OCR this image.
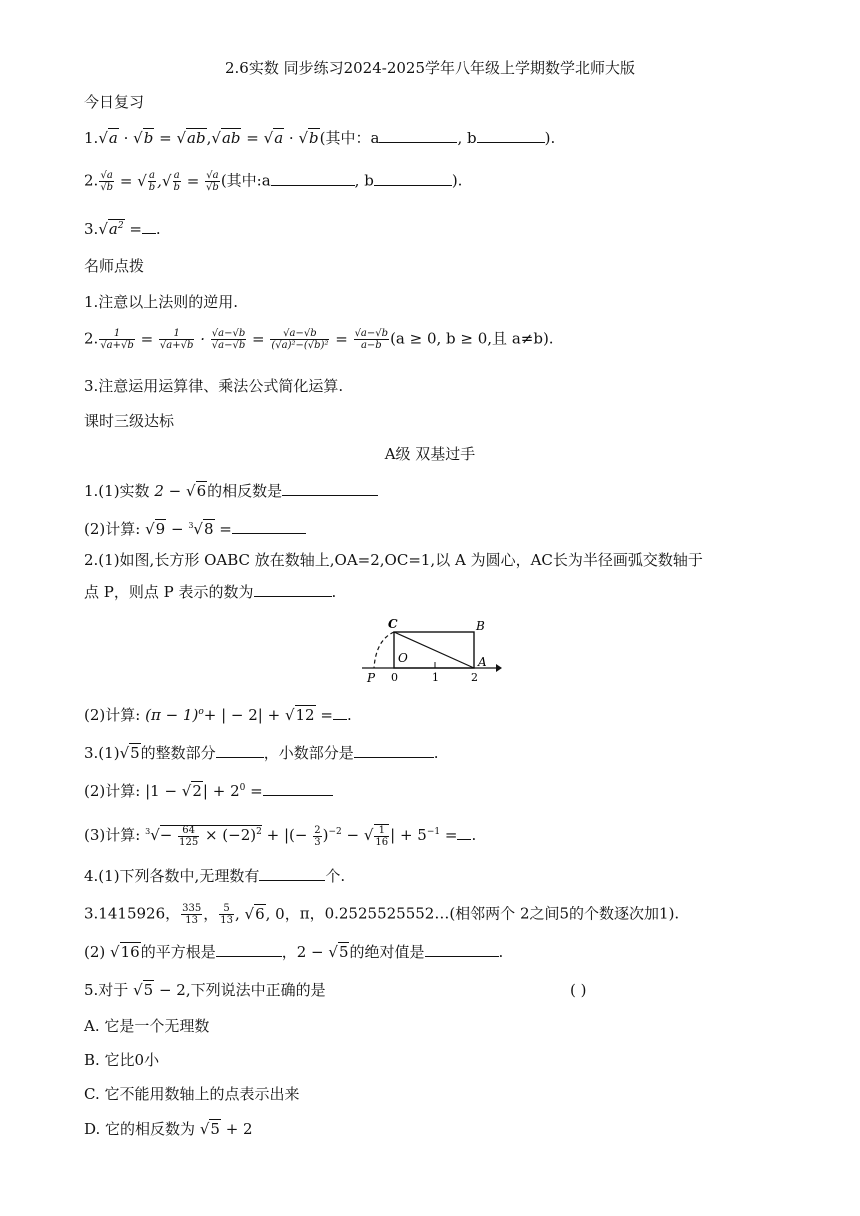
2.6实数 同步练习2024-2025学年八年级上学期数学北师大版
今日复习
1.√a · √b = √ab,√ab = √a · √b(其中：a	, b	).
2. $\frac{√a}{√b}$ = √ $\frac{a}{b}$ ,√ $\frac{a}{b} = \frac{√a}{√b}$ (其中:a	, b	).
$3.√a^2$ = .
名师点拨
1.注意以上法则的逆用.
2. $\frac{1}{√a+√b} = \frac{1}{√a+√b} \cdot \frac{√a-√b}{√a-√b} = \frac{√a-√b}{\text{(√a)²−(√b)²}} = \frac{√a-√b}{a-b} (a \ge 0$, b ≥ 0,且 a≠b).
3.注意运用运算律、乘法公式简化运算.
课时三级达标
A级 双基过手
1.(1)实数 2 − √6的相反数是
(2)计算: √9 − $^3$√8 =
2.(1)如图,长方形 OABC 放在数轴上,OA=2,OC=1,以 A 为圆心，AC长为半径画弧交数轴于
点 P，则点 P 表示的数为	.
C	B
O	A
P 0	1	2
(2)计算: $(\pi - 1)^o+$ | − 2| + √12 = .
3.(1)√5的整数部分	，小数部分是	.
(2)计算: $|1 - √2| + 2^0$ =
(3)计算: $^3√- \frac{64}{125} \times (-2)^2$ + |(− $\frac{2}{3} )^{-2}$ − √ $\frac{1}{16}$ | + $5^{-1}$ = .
4.(1)下列各数中,无理数有	个.
3.1415926， $\frac{335}{13}$ ， $\frac{5}{13}$ , √6, 0，π，0.2525525552…(相邻两个 2之间5的个数逐次加1).
(2) √16的平方根是	，2 − √5的绝对值是	.
5.对于 √5 − 2,下列说法中正确的是	( )
A. 它是一个无理数
B. 它比0小
C. 它不能用数轴上的点表示出来
D. 它的相反数为 √5 + 2
